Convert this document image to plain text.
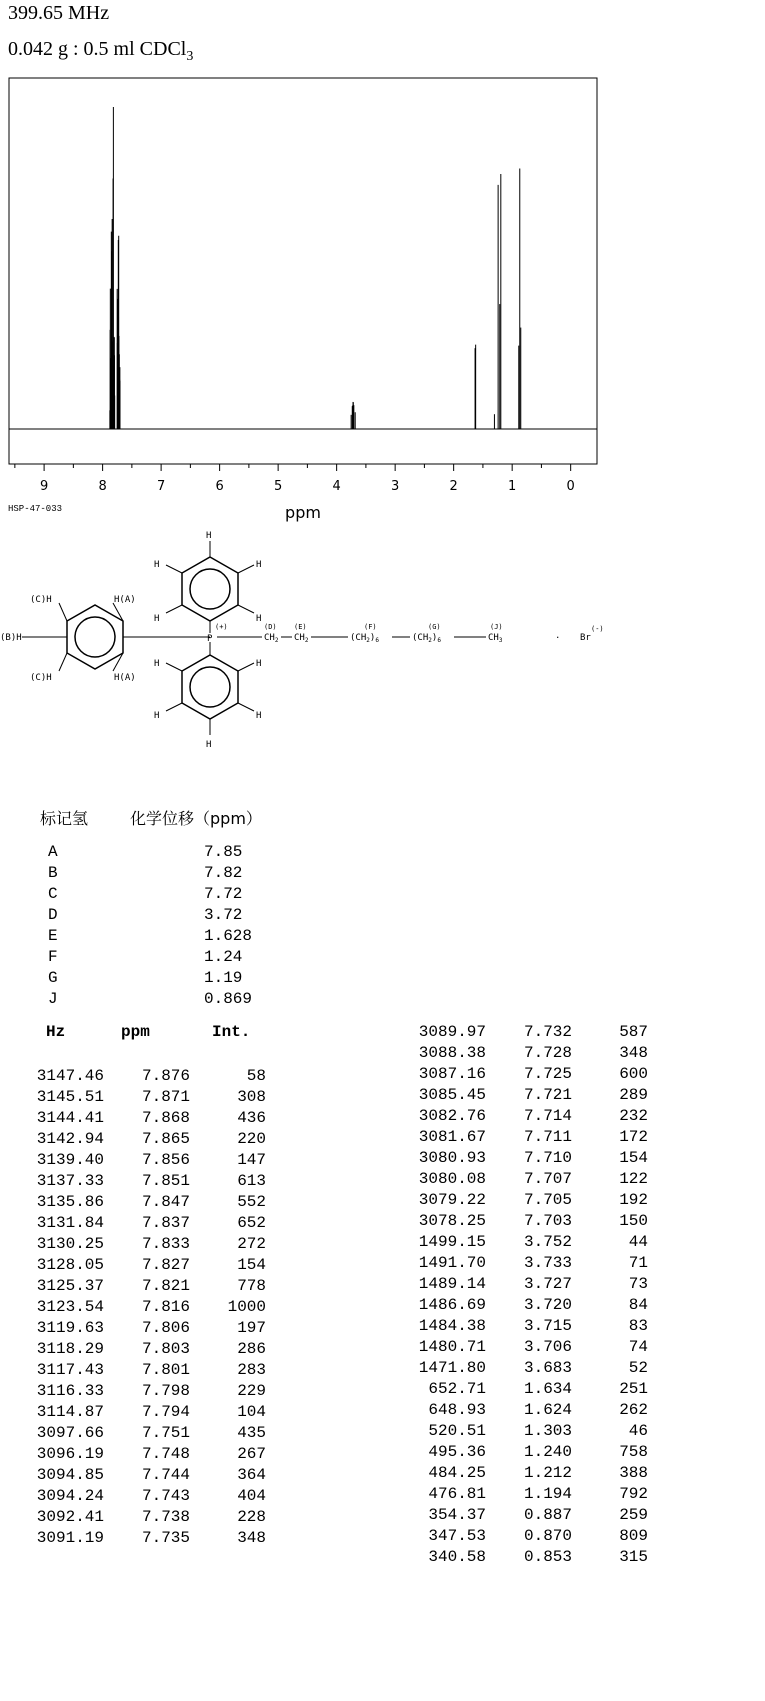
399.65 MHz
0.042 g : 0.5 ml CDCl$_3$
9	8	7	6	5	4	3	2	1	0
ppm
HSP-47-033
H
H
H
H
H
H
H
H
H
H
(C)H	H(A)
(C)H	H(A)
(B)H	P
(+)	(D)
$CH_2$
(E)
$CH_2$
(F)
$(CH_2)_6$
(G)
$(CH_2)_6$
(J)
$CH_3$	. Br
(-)
标记氢	化学位移（ppm）
A	7.85
B	7.82
C	7.72
D	3.72
E	1.628
F	1.24
G	1.19
J	0.869
Hz	ppm	Int.
3147.46 7.876	58
3145.51 7.871	308
3144.41 7.868	436
3142.94 7.865	220
3139.40 7.856	147
3137.33 7.851	613
3135.86 7.847	552
3131.84 7.837	652
3130.25 7.833	272
3128.05 7.827	154
3125.37 7.821	778
3123.54 7.816 1000
3119.63 7.806	197
3118.29 7.803	286
3117.43 7.801	283
3116.33 7.798	229
3114.87 7.794	104
3097.66 7.751	435
3096.19 7.748	267
3094.85 7.744	364
3094.24 7.743	404
3092.41 7.738	228
3091.19 7.735	348
3089.97 7.732	587
3088.38 7.728	348
3087.16 7.725	600
3085.45 7.721	289
3082.76 7.714	232
3081.67 7.711	172
3080.93 7.710	154
3080.08 7.707	122
3079.22 7.705	192
3078.25 7.703	150
1499.15 3.752	44
1491.70 3.733	71
1489.14 3.727	73
1486.69 3.720	84
1484.38 3.715	83
1480.71 3.706	74
1471.80 3.683	52
652.71 1.634	251
648.93 1.624	262
520.51 1.303	46
495.36 1.240	758
484.25 1.212	388
476.81 1.194	792
354.37 0.887	259
347.53 0.870	809
340.58 0.853	315
